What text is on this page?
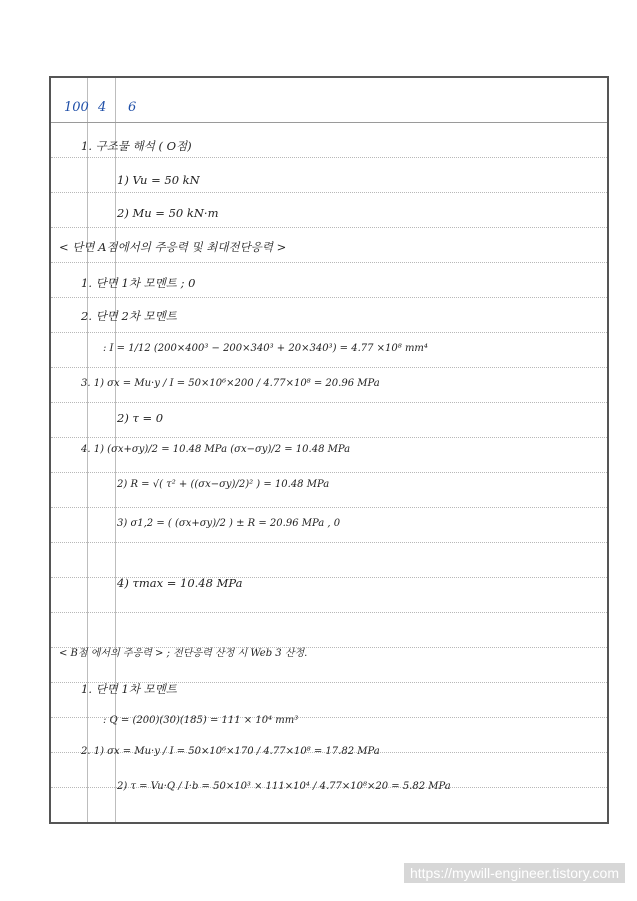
100 4 6
1. 구조물 해석 ( O점)
1) Vu = 50 kN
2) Mu = 50 kN·m
< 단면 A점에서의 주응력 및 최대전단응력 >
1. 단면 1차 모멘트 ; 0
2. 단면 2차 모멘트
: I = 1/12 (200×400³ − 200×340³ + 20×340³) = 4.77 ×10⁸ mm⁴
3. 1) σx = Mu·y / I = 50×10⁶×200 / 4.77×10⁸ = 20.96 MPa
2) τ = 0
4. 1) (σx+σy)/2 = 10.48 MPa (σx−σy)/2 = 10.48 MPa
2) R = √( τ² + ((σx−σy)/2)² ) = 10.48 MPa
3) σ1,2 = ( (σx+σy)/2 ) ± R = 20.96 MPa , 0
4) τmax = 10.48 MPa
< B점 에서의 주응력 > ; 전단응력 산정 시 Web 3 산정.
1. 단면 1차 모멘트
: Q = (200)(30)(185) = 111 × 10⁴ mm³
2. 1) σx = Mu·y / I = 50×10⁶×170 / 4.77×10⁸ = 17.82 MPa
2) τ = Vu·Q / I·b = 50×10³ × 111×10⁴ / 4.77×10⁸×20 = 5.82 MPa
https://mywill-engineer.tistory.com
